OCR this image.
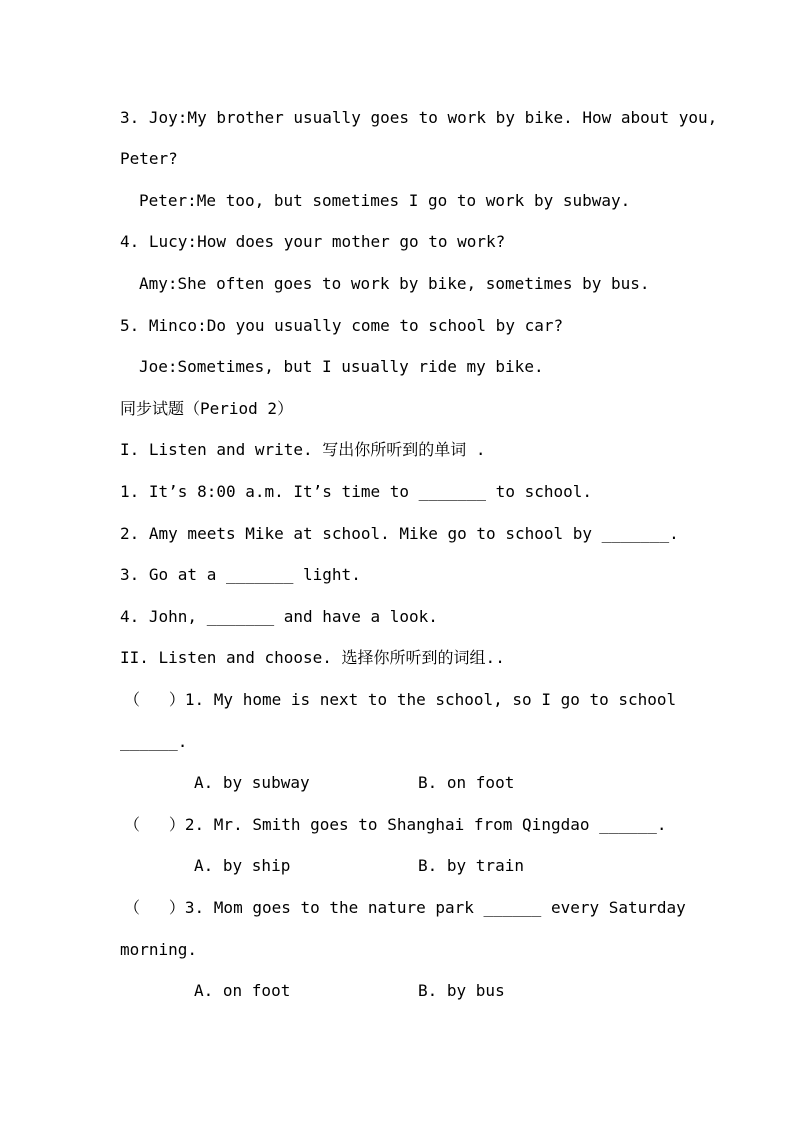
3. Joy:My brother usually goes to work by bike. How about you,
Peter?
Peter:Me too, but sometimes I go to work by subway.
4. Lucy:How does your mother go to work?
Amy:She often goes to work by bike, sometimes by bus.
5. Minco:Do you usually come to school by car?
Joe:Sometimes, but I usually ride my bike.
同步试题（Period 2）
I. Listen and write. 写出你所听到的单词 .
1. It’s 8:00 a.m. It’s time to _______ to school.
2. Amy meets Mike at school. Mike go to school by _______.
3. Go at a _______ light.
4. John, _______ and have a look.
II. Listen and choose. 选择你所听到的词组..
（   ）1. My home is next to the school, so I go to school
______.
A. by subway	B. on foot
（   ）2. Mr. Smith goes to Shanghai from Qingdao ______.
A. by ship	B. by train
（   ）3. Mom goes to the nature park ______ every Saturday
morning.
A. on foot	B. by bus
